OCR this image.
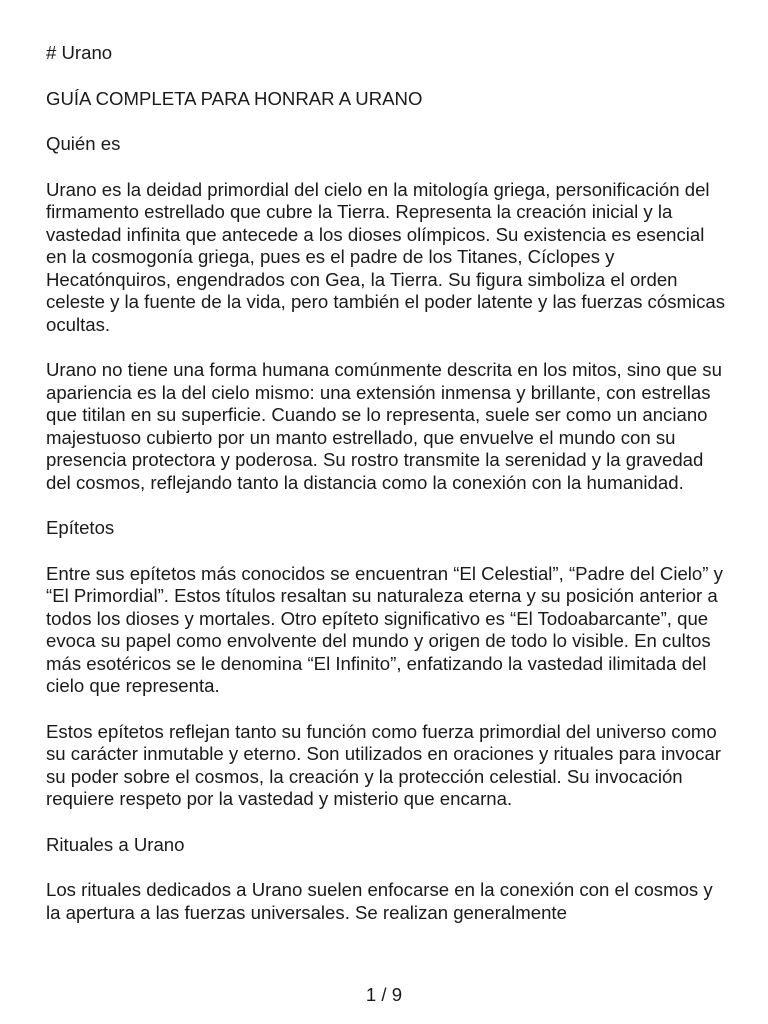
# Urano

GUÍA COMPLETA PARA HONRAR A URANO

Quién es

Urano es la deidad primordial del cielo en la mitología griega, personificación del firmamento estrellado que cubre la Tierra. Representa la creación inicial y la vastedad infinita que antecede a los dioses olímpicos. Su existencia es esencial en la cosmogonía griega, pues es el padre de los Titanes, Cíclopes y Hecatónquiros, engendrados con Gea, la Tierra. Su figura simboliza el orden celeste y la fuente de la vida, pero también el poder latente y las fuerzas cósmicas ocultas.

Urano no tiene una forma humana comúnmente descrita en los mitos, sino que su apariencia es la del cielo mismo: una extensión inmensa y brillante, con estrellas que titilan en su superficie. Cuando se lo representa, suele ser como un anciano majestuoso cubierto por un manto estrellado, que envuelve el mundo con su presencia protectora y poderosa. Su rostro transmite la serenidad y la gravedad del cosmos, reflejando tanto la distancia como la conexión con la humanidad.

Epítetos

Entre sus epítetos más conocidos se encuentran “El Celestial”, “Padre del Cielo” y “El Primordial”. Estos títulos resaltan su naturaleza eterna y su posición anterior a todos los dioses y mortales. Otro epíteto significativo es “El Todoabarcante”, que evoca su papel como envolvente del mundo y origen de todo lo visible. En cultos más esotéricos se le denomina “El Infinito”, enfatizando la vastedad ilimitada del cielo que representa.

Estos epítetos reflejan tanto su función como fuerza primordial del universo como su carácter inmutable y eterno. Son utilizados en oraciones y rituales para invocar su poder sobre el cosmos, la creación y la protección celestial. Su invocación requiere respeto por la vastedad y misterio que encarna.

Rituales a Urano

Los rituales dedicados a Urano suelen enfocarse en la conexión con el cosmos y la apertura a las fuerzas universales. Se realizan generalmente

1 / 9
